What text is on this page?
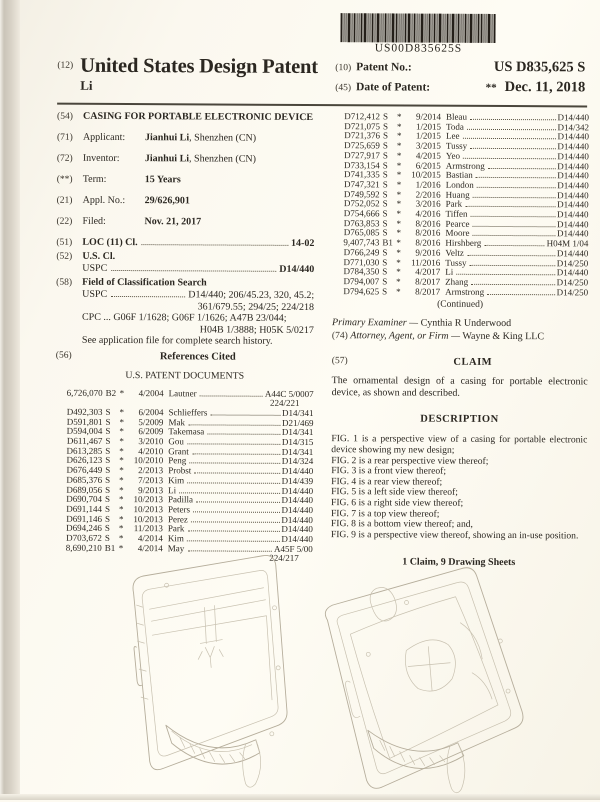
US00D835625S
(12) United States Design Patent
Li
(10) Patent No.:	US D835,625 S
(45) Date of Patent:	** Dec. 11, 2018
(54)	CASING FOR PORTABLE ELECTRONIC DEVICE
(71)	Applicant: Jianhui Li, Shenzhen (CN)
(72)	Inventor:	Jianhui Li, Shenzhen (CN)
(**)	Term:	15 Years
(21)	Appl. No.: 29/626,901
(22)	Filed:	Nov. 21, 2017
(51)	LOC (11) Cl.	14-02
(52)	U.S. Cl.
USPC	D14/440
(58)	Field of Classification Search
USPC	D14/440; 206/45.23, 320, 45.2;
361/679.55; 294/25; 224/218
CPC ... G06F 1/1628; G06F 1/1626; A47B 23/044;
H04B 1/3888; H05K 5/0217
See application file for complete search history.
(56)	References Cited
U.S. PATENT DOCUMENTS
6,726,070 B2 *	4/2004 Lautner	A44C 5/0007
224/221
D492,303 S *	6/2004 Schlieffers	D14/341
D591,801 S *	5/2009 Mak	D21/469
D594,004 S *	6/2009 Takemasa	D14/341
D611,467 S *	3/2010 Gou	D14/315
D613,285 S *	4/2010 Grant	D14/341
D626,123 S *	10/2010 Peng	D14/324
D676,449 S *	2/2013 Probst	D14/440
D685,376 S *	7/2013 Kim	D14/439
D689,056 S *	9/2013 Li	D14/440
D690,704 S *	10/2013 Padilla	D14/440
D691,144 S *	10/2013 Peters	D14/440
D691,146 S *	10/2013 Perez	D14/440
D694,246 S *	11/2013 Park	D14/440
D703,672 S *	4/2014 Kim	D14/440
8,690,210 B1 *	4/2014 May	A45F 5/00
224/217
D712,412 S *	9/2014 Bleau	D14/440
D721,075 S *	1/2015 Toda	D14/342
D721,376 S *	1/2015 Lee	D14/440
D725,659 S *	3/2015 Tussy	D14/440
D727,917 S *	4/2015 Yeo	D14/440
D733,154 S *	6/2015 Armstrong	D14/440
D741,335 S *	10/2015 Bastian	D14/440
D747,321 S *	1/2016 London	D14/440
D749,592 S *	2/2016 Huang	D14/440
D752,052 S *	3/2016 Park	D14/440
D754,666 S *	4/2016 Tiffen	D14/440
D763,853 S *	8/2016 Pearce	D14/440
D765,085 S *	8/2016 Moore	D14/440
9,407,743 B1 *	8/2016 Hirshberg	H04M 1/04
D766,249 S *	9/2016 Veltz	D14/440
D771,030 S *	11/2016 Tussy	D14/250
D784,350 S *	4/2017 Li	D14/440
D794,007 S *	8/2017 Zhang	D14/250
D794,625 S *	8/2017 Armstrong	D14/250
(Continued)
Primary Examiner — Cynthia R Underwood
(74) Attorney, Agent, or Firm — Wayne & King LLC
(57)	CLAIM
The ornamental design of a casing for portable electronic device, as shown and described.
DESCRIPTION
FIG. 1 is a perspective view of a casing for portable electronic device showing my new design;
FIG. 2 is a rear perspective view thereof;
FIG. 3 is a front view thereof;
FIG. 4 is a rear view thereof;
FIG. 5 is a left side view thereof;
FIG. 6 is a right side view thereof;
FIG. 7 is a top view thereof;
FIG. 8 is a bottom view thereof; and,
FIG. 9 is a perspective view thereof, showing an in-use position.
1 Claim, 9 Drawing Sheets
